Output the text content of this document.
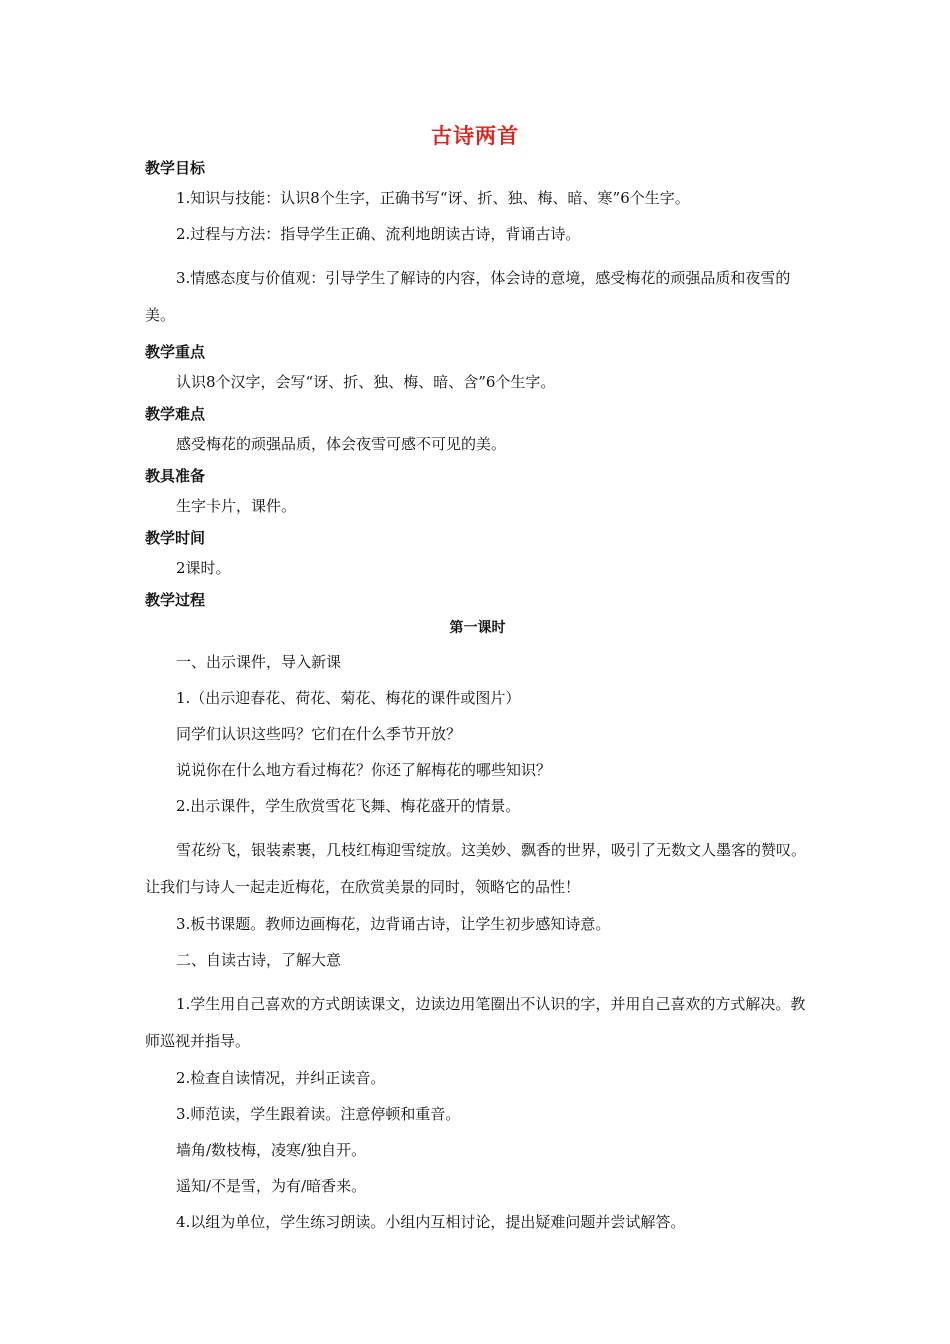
古诗两首
教学目标

1.知识与技能：认识8个生字，正确书写“讶、折、独、梅、暗、寒”6个生字。

2.过程与方法：指导学生正确、流利地朗读古诗，背诵古诗。

3.情感态度与价值观：引导学生了解诗的内容，体会诗的意境，感受梅花的顽强品质和夜雪的美。

教学重点

认识8个汉字，会写“讶、折、独、梅、暗、含”6个生字。

教学难点

感受梅花的顽强品质，体会夜雪可感不可见的美。

教具准备

生字卡片，课件。

教学时间

2课时。

教学过程
第一课时

一、出示课件，导入新课

1.（出示迎春花、荷花、菊花、梅花的课件或图片）

同学们认识这些吗？它们在什么季节开放？

说说你在什么地方看过梅花？你还了解梅花的哪些知识？

2.出示课件，学生欣赏雪花飞舞、梅花盛开的情景。

雪花纷飞，银装素裹，几枝红梅迎雪绽放。这美妙、飘香的世界，吸引了无数文人墨客的赞叹。让我们与诗人一起走近梅花，在欣赏美景的同时，领略它的品性！

3.板书课题。教师边画梅花，边背诵古诗，让学生初步感知诗意。

二、自读古诗，了解大意

1.学生用自己喜欢的方式朗读课文，边读边用笔圈出不认识的字，并用自己喜欢的方式解决。教师巡视并指导。

2.检查自读情况，并纠正读音。

3.师范读，学生跟着读。注意停顿和重音。

墙角/数枝梅，凌寒/独自开。

遥知/不是雪，为有/暗香来。

4.以组为单位，学生练习朗读。小组内互相讨论，提出疑难问题并尝试解答。
